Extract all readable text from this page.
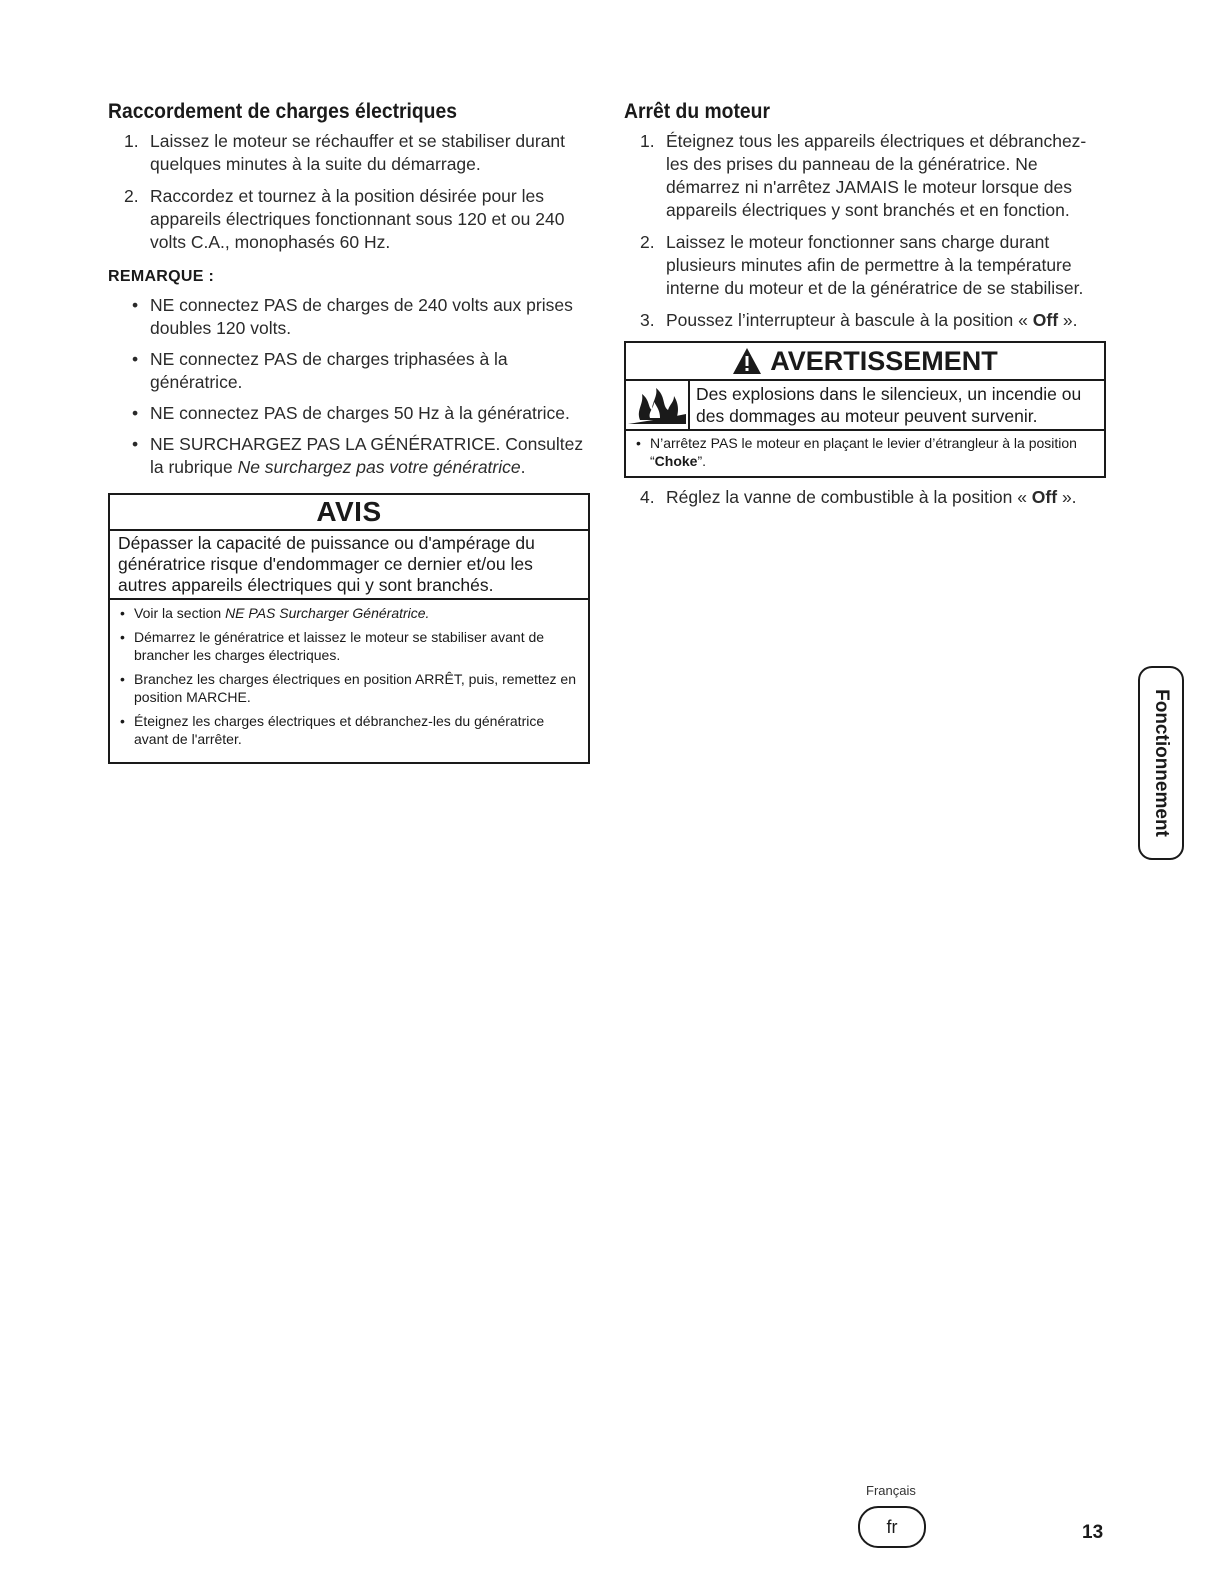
Raccordement de charges électriques
1. Laissez le moteur se réchauffer et se stabiliser durant quelques minutes à la suite du démarrage.
2. Raccordez et tournez à la position désirée pour les appareils électriques fonctionnant sous 120 et ou 240 volts C.A., monophasés 60 Hz.
REMARQUE :
• NE connectez PAS de charges de 240 volts aux prises doubles 120 volts.
• NE connectez PAS de charges triphasées à la génératrice.
• NE connectez PAS de charges 50 Hz à la génératrice.
• NE SURCHARGEZ PAS LA GÉNÉRATRICE. Consultez la rubrique Ne surchargez pas votre génératrice.
AVIS
Dépasser la capacité de puissance ou d'ampérage du génératrice risque d'endommager ce dernier et/ou les autres appareils électriques qui y sont branchés.
• Voir la section NE PAS Surcharger Génératrice.
• Démarrez le génératrice et laissez le moteur se stabiliser avant de brancher les charges électriques.
• Branchez les charges électriques en position ARRÊT, puis, remettez en position MARCHE.
• Éteignez les charges électriques et débranchez-les du génératrice avant de l'arrêter.
Arrêt du moteur
1. Éteignez tous les appareils électriques et débranchez-les des prises du panneau de la génératrice. Ne démarrez ni n'arrêtez JAMAIS le moteur lorsque des appareils électriques y sont branchés et en fonction.
2. Laissez le moteur fonctionner sans charge durant plusieurs minutes afin de permettre à la température interne du moteur et de la génératrice de se stabiliser.
3. Poussez l’interrupteur à bascule à la position « Off ».
AVERTISSEMENT
Des explosions dans le silencieux, un incendie ou des dommages au moteur peuvent survenir.
• N’arrêtez PAS le moteur en plaçant le levier d’étrangleur à la position “Choke”.
4. Réglez la vanne de combustible à la position « Off ».
Fonctionnement
Français
fr	13
